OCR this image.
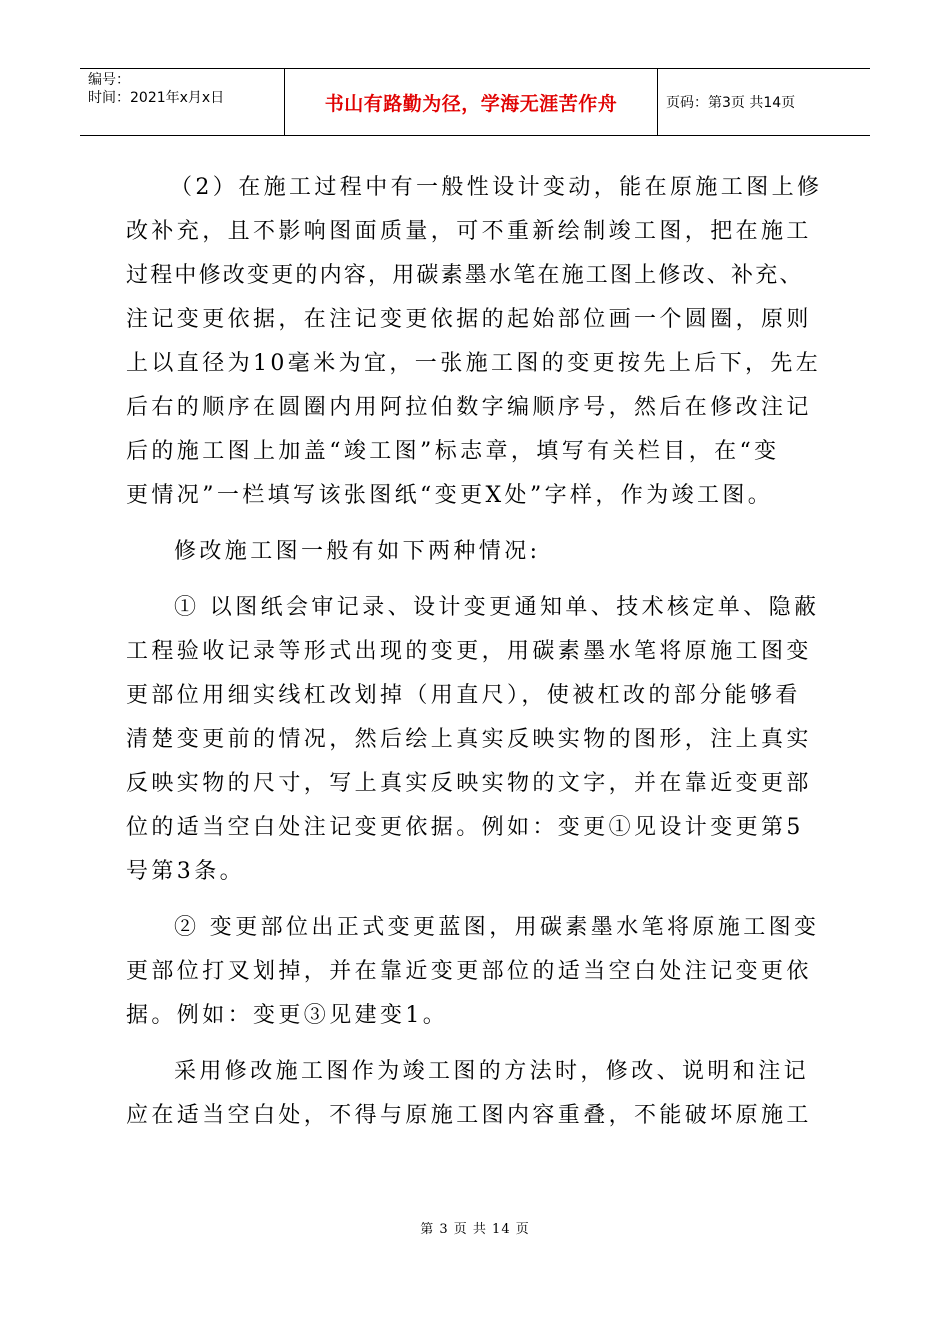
编号：
时间：2021年x月x日	书山有路勤为径，学海无涯苦作舟	页码：第3页 共14页
（2）在施工过程中有一般性设计变动，能在原施工图上修
改补充，且不影响图面质量，可不重新绘制竣工图，把在施工
过程中修改变更的内容，用碳素墨水笔在施工图上修改、补充、
注记变更依据，在注记变更依据的起始部位画一个圆圈，原则
上以直径为10毫米为宜，一张施工图的变更按先上后下，先左
后右的顺序在圆圈内用阿拉伯数字编顺序号，然后在修改注记
后的施工图上加盖“竣工图”标志章，填写有关栏目，在“变
更情况”一栏填写该张图纸“变更X处”字样，作为竣工图。
修改施工图一般有如下两种情况:
① 以图纸会审记录、设计变更通知单、技术核定单、隐蔽
工程验收记录等形式出现的变更，用碳素墨水笔将原施工图变
更部位用细实线杠改划掉（用直尺），使被杠改的部分能够看
清楚变更前的情况，然后绘上真实反映实物的图形，注上真实
反映实物的尺寸，写上真实反映实物的文字，并在靠近变更部
位的适当空白处注记变更依据。例如：变更①见设计变更第5
号第3条。
② 变更部位出正式变更蓝图，用碳素墨水笔将原施工图变
更部位打叉划掉，并在靠近变更部位的适当空白处注记变更依
据。例如：变更③见建变1。
采用修改施工图作为竣工图的方法时，修改、说明和注记
应在适当空白处，不得与原施工图内容重叠，不能破坏原施工
第 3 页 共 14 页
